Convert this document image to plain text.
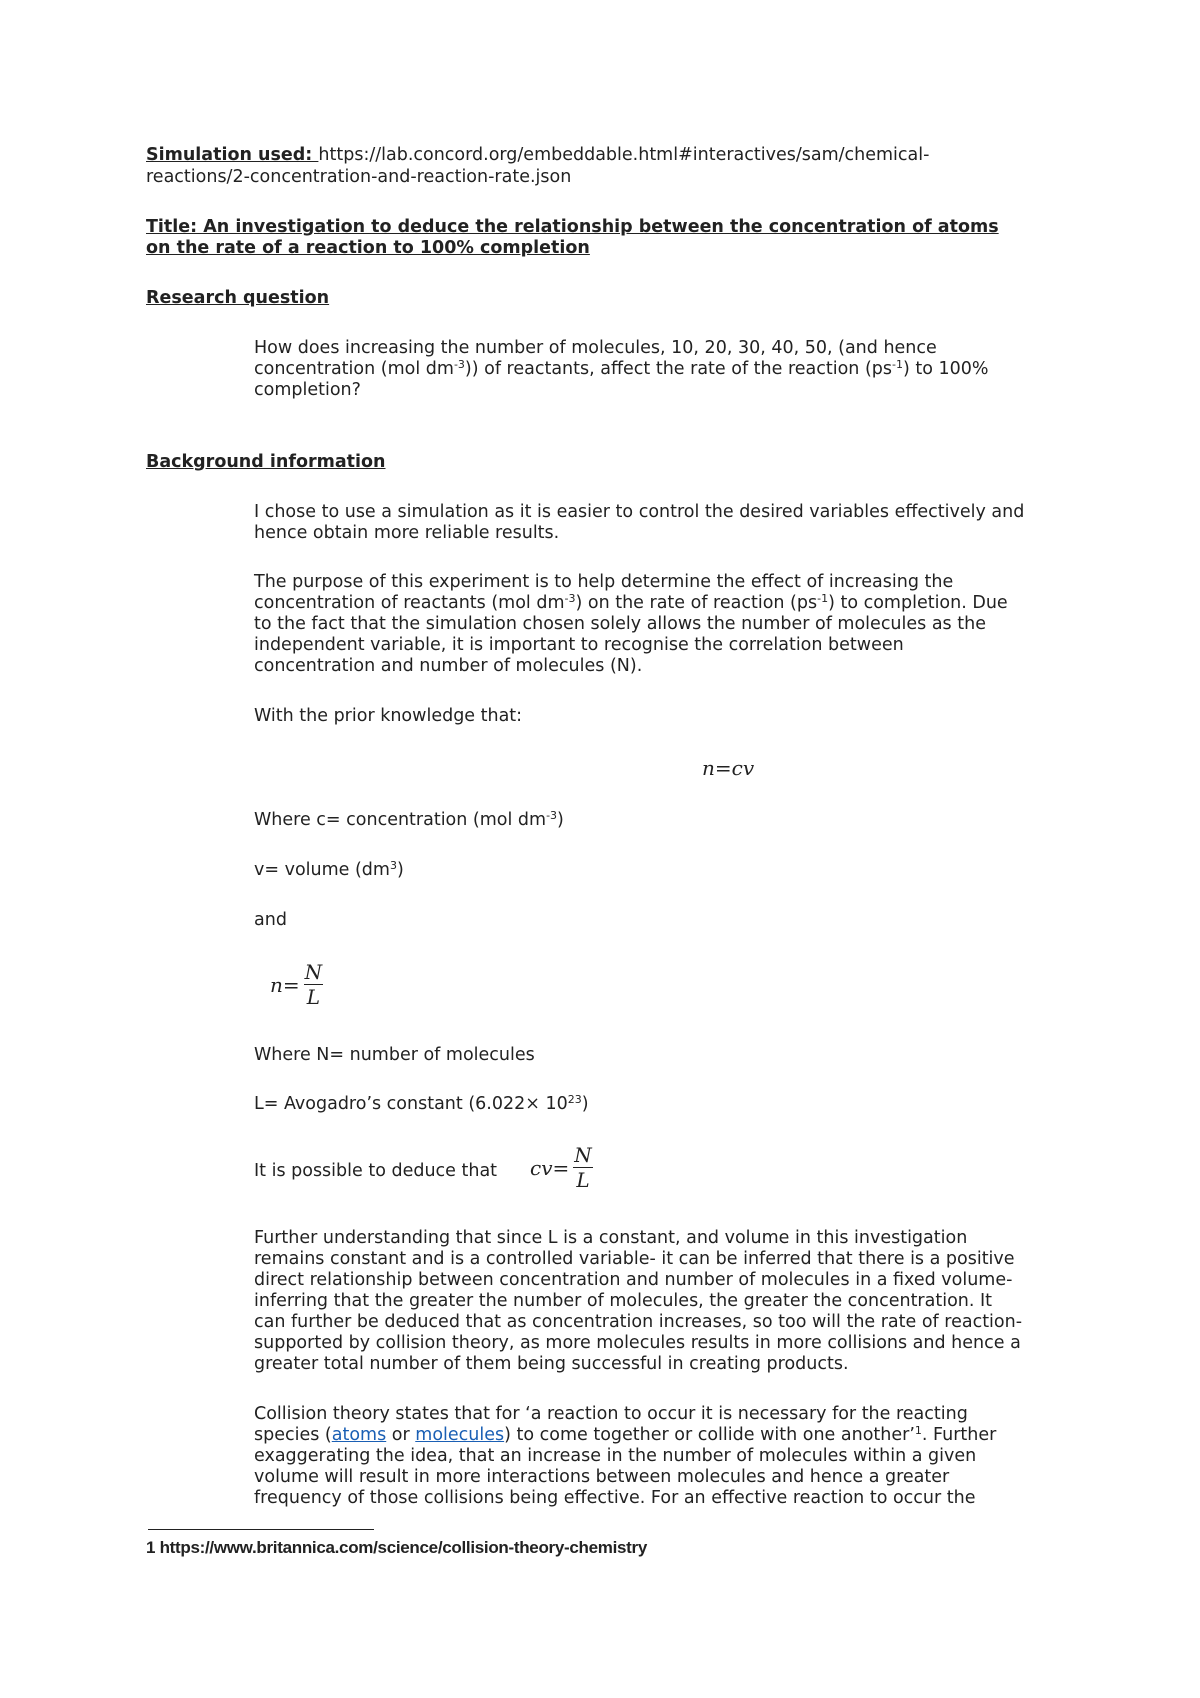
Simulation used: https://lab.concord.org/embeddable.html#interactives/sam/chemical-
reactions/2-concentration-and-reaction-rate.json
Title: An investigation to deduce the relationship between the concentration of atoms
on the rate of a reaction to 100% completion
Research question
How does increasing the number of molecules, 10, 20, 30, 40, 50, (and hence
concentration (mol $dm^{-3}$)) of reactants, affect the rate of the reaction $(ps^{-1})$ to 100%
completion?
Background information
I chose to use a simulation as it is easier to control the desired variables effectively and
hence obtain more reliable results.
The purpose of this experiment is to help determine the effect of increasing the
concentration of reactants (mol $dm^{-3}$) on the rate of reaction $(ps^{-1})$ to completion. Due
to the fact that the simulation chosen solely allows the number of molecules as the
independent variable, it is important to recognise the correlation between
concentration and number of molecules (N).
With the prior knowledge that:
n=cv
Where c= concentration (mol $dm^{-3}$)
v= volume $(dm^3)$
and
$n= \frac{N}{L}$
Where N= number of molecules
L= Avogadro’s constant $(6.022\times 10^{23})$
It is possible to deduce that $cv= \frac{N}{L}$
Further understanding that since L is a constant, and volume in this investigation
remains constant and is a controlled variable- it can be inferred that there is a positive
direct relationship between concentration and number of molecules in a fixed volume-
inferring that the greater the number of molecules, the greater the concentration. It
can further be deduced that as concentration increases, so too will the rate of reaction-
supported by collision theory, as more molecules results in more collisions and hence a
greater total number of them being successful in creating products.
Collision theory states that for ‘a reaction to occur it is necessary for the reacting
species (atoms or molecules) to come together or collide with one another’$^1$. Further
exaggerating the idea, that an increase in the number of molecules within a given
volume will result in more interactions between molecules and hence a greater
frequency of those collisions being effective. For an effective reaction to occur the
1 https://www.britannica.com/science/collision-theory-chemistry
